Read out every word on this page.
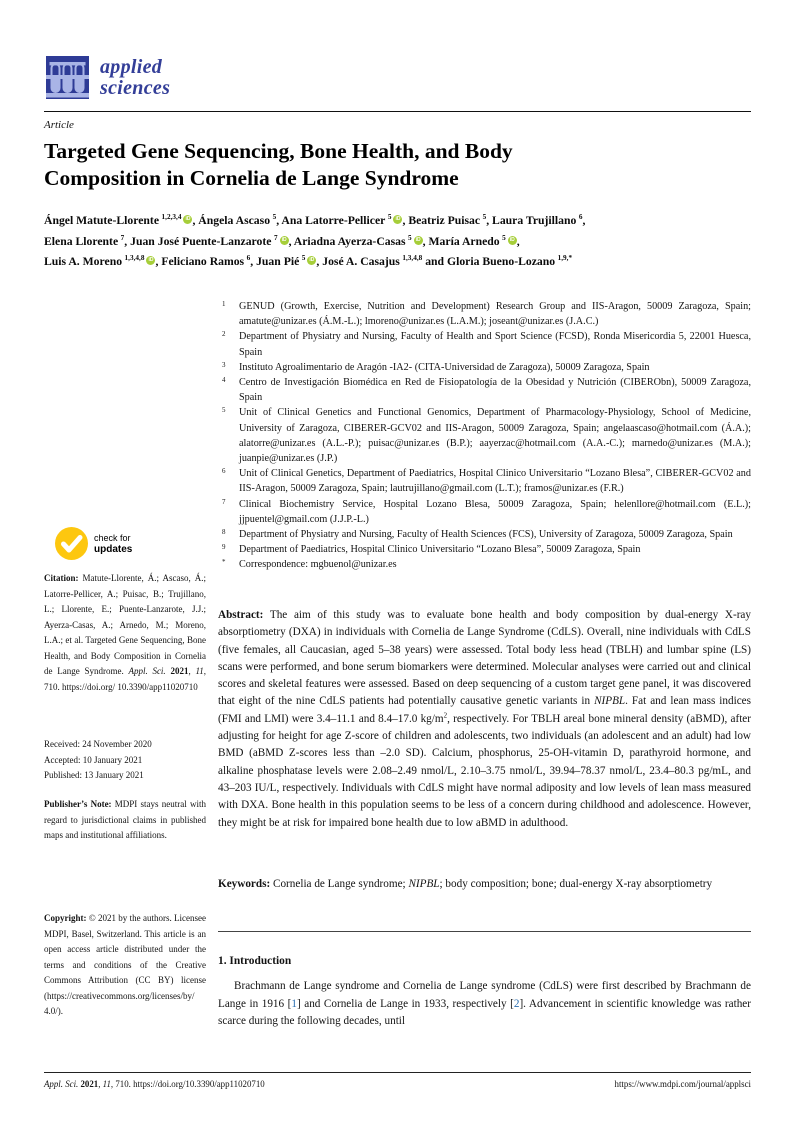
applied
sciences
Article
Targeted Gene Sequencing, Bone Health, and Body
Composition in Cornelia de Lange Syndrome
Ángel Matute-Llorente $^{1,2,3,4}$ iD , Ángela Ascaso $^5$, Ana Latorre-Pellicer $^5$ iD , Beatriz Puisac $^5$, Laura Trujillano $^6$,
Elena Llorente $^7$, Juan José Puente-Lanzarote $^7$ iD , Ariadna Ayerza-Casas $^5$ iD , María Arnedo $^5$ iD ,
Luis A. Moreno $^{1,3,4,8}$ iD , Feliciano Ramos $^6$, Juan Pié $^5$ iD , José A. Casajus $^{1,3,4,8}$ and Gloria Bueno-Lozano $^{1,9,*}$
check for
updates
Citation: Matute-Llorente, Á.; Ascaso, Á.; Latorre-Pellicer, A.; Puisac, B.; Trujillano, L.; Llorente, E.; Puente-Lanzarote, J.J.; Ayerza-Casas, A.; Arnedo, M.; Moreno, L.A.; et al. Targeted Gene Sequencing, Bone Health, and Body Composition in Cornelia de Lange Syndrome. Appl. Sci. 2021, 11, 710. https://doi.org/ 10.3390/app11020710
Received: 24 November 2020
Accepted: 10 January 2021
Published: 13 January 2021
Publisher’s Note: MDPI stays neutral with regard to jurisdictional claims in published maps and institutional affiliations.
Copyright: © 2021 by the authors. Licensee MDPI, Basel, Switzerland. This article is an open access article distributed under the terms and conditions of the Creative Commons Attribution (CC BY) license (https://creativecommons.org/licenses/by/ 4.0/).
1	GENUD (Growth, Exercise, Nutrition and Development) Research Group and IIS-Aragon, 50009 Zaragoza, Spain; amatute@unizar.es (Á.M.-L.); lmoreno@unizar.es (L.A.M.); joseant@unizar.es (J.A.C.)
2	Department of Physiatry and Nursing, Faculty of Health and Sport Science (FCSD), Ronda Misericordia 5, 22001 Huesca, Spain
3	Instituto Agroalimentario de Aragón -IA2- (CITA-Universidad de Zaragoza), 50009 Zaragoza, Spain
4	Centro de Investigación Biomédica en Red de Fisiopatología de la Obesidad y Nutrición (CIBERObn), 50009 Zaragoza, Spain
5	Unit of Clinical Genetics and Functional Genomics, Department of Pharmacology-Physiology, School of Medicine, University of Zaragoza, CIBERER-GCV02 and IIS-Aragon, 50009 Zaragoza, Spain; angelaascaso@hotmail.com (Á.A.); alatorre@unizar.es (A.L.-P.); puisac@unizar.es (B.P.); aayerzac@hotmail.com (A.A.-C.); marnedo@unizar.es (M.A.); juanpie@unizar.es (J.P.)
6	Unit of Clinical Genetics, Department of Paediatrics, Hospital Clinico Universitario “Lozano Blesa”, CIBERER-GCV02 and IIS-Aragon, 50009 Zaragoza, Spain; lautrujillano@gmail.com (L.T.); framos@unizar.es (F.R.)
7	Clinical Biochemistry Service, Hospital Lozano Blesa, 50009 Zaragoza, Spain; helenllore@hotmail.com (E.L.); jjpuentel@gmail.com (J.J.P.-L.)
8	Department of Physiatry and Nursing, Faculty of Health Sciences (FCS), University of Zaragoza, 50009 Zaragoza, Spain
9	Department of Paediatrics, Hospital Clinico Universitario “Lozano Blesa”, 50009 Zaragoza, Spain
*	Correspondence: mgbuenol@unizar.es
Abstract: The aim of this study was to evaluate bone health and body composition by dual-energy X-ray absorptiometry (DXA) in individuals with Cornelia de Lange Syndrome (CdLS). Overall, nine individuals with CdLS (five females, all Caucasian, aged 5–38 years) were assessed. Total body less head (TBLH) and lumbar spine (LS) scans were performed, and bone serum biomarkers were determined. Molecular analyses were carried out and clinical scores and skeletal features were assessed. Based on deep sequencing of a custom target gene panel, it was discovered that eight of the nine CdLS patients had potentially causative genetic variants in NIPBL. Fat and lean mass indices (FMI and LMI) were 3.4–11.1 and 8.4–17.0 $kg/m^2$, respectively. For TBLH areal bone mineral density (aBMD), after adjusting for height for age Z-score of children and adolescents, two individuals (an adolescent and an adult) had low BMD (aBMD Z-scores less than –2.0 SD). Calcium, phosphorus, 25-OH-vitamin D, parathyroid hormone, and alkaline phosphatase levels were 2.08–2.49 nmol/L, 2.10–3.75 nmol/L, 39.94–78.37 nmol/L, 23.4–80.3 pg/mL, and 43–203 IU/L, respectively. Individuals with CdLS might have normal adiposity and low levels of lean mass measured with DXA. Bone health in this population seems to be less of a concern during childhood and adolescence. However, they might be at risk for impaired bone health due to low aBMD in adulthood.
Keywords: Cornelia de Lange syndrome; NIPBL; body composition; bone; dual-energy X-ray absorptiometry
1. Introduction
Brachmann de Lange syndrome and Cornelia de Lange syndrome (CdLS) were first described by Brachmann de Lange in 1916 [1] and Cornelia de Lange in 1933, respectively [2]. Advancement in scientific knowledge was rather scarce during the following decades, until
Appl. Sci. 2021, 11, 710. https://doi.org/10.3390/app11020710	https://www.mdpi.com/journal/applsci
